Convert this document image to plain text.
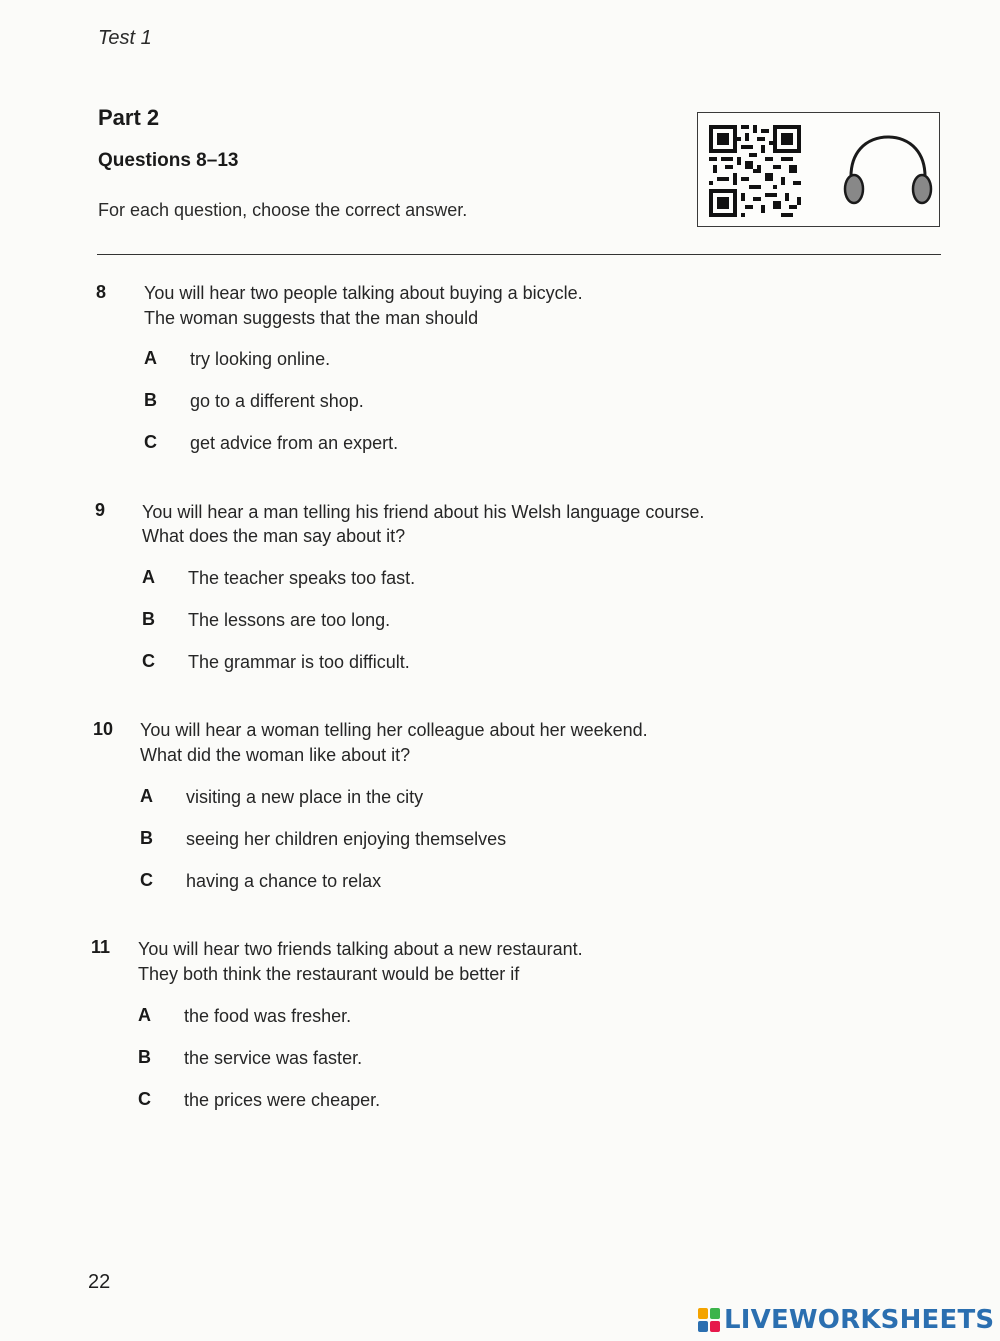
Test 1
Part 2
Questions 8–13
For each question, choose the correct answer.
8 You will hear two people talking about buying a bicycle.
The woman suggests that the man should
A try looking online.
B go to a different shop.
C get advice from an expert.
9 You will hear a man telling his friend about his Welsh language course.
What does the man say about it?
A The teacher speaks too fast.
B The lessons are too long.
C The grammar is too difficult.
10 You will hear a woman telling her colleague about her weekend.
What did the woman like about it?
A visiting a new place in the city
B seeing her children enjoying themselves
C having a chance to relax
11 You will hear two friends talking about a new restaurant.
They both think the restaurant would be better if
A the food was fresher.
B the service was faster.
C the prices were cheaper.
22
LIVEWORKSHEETS
